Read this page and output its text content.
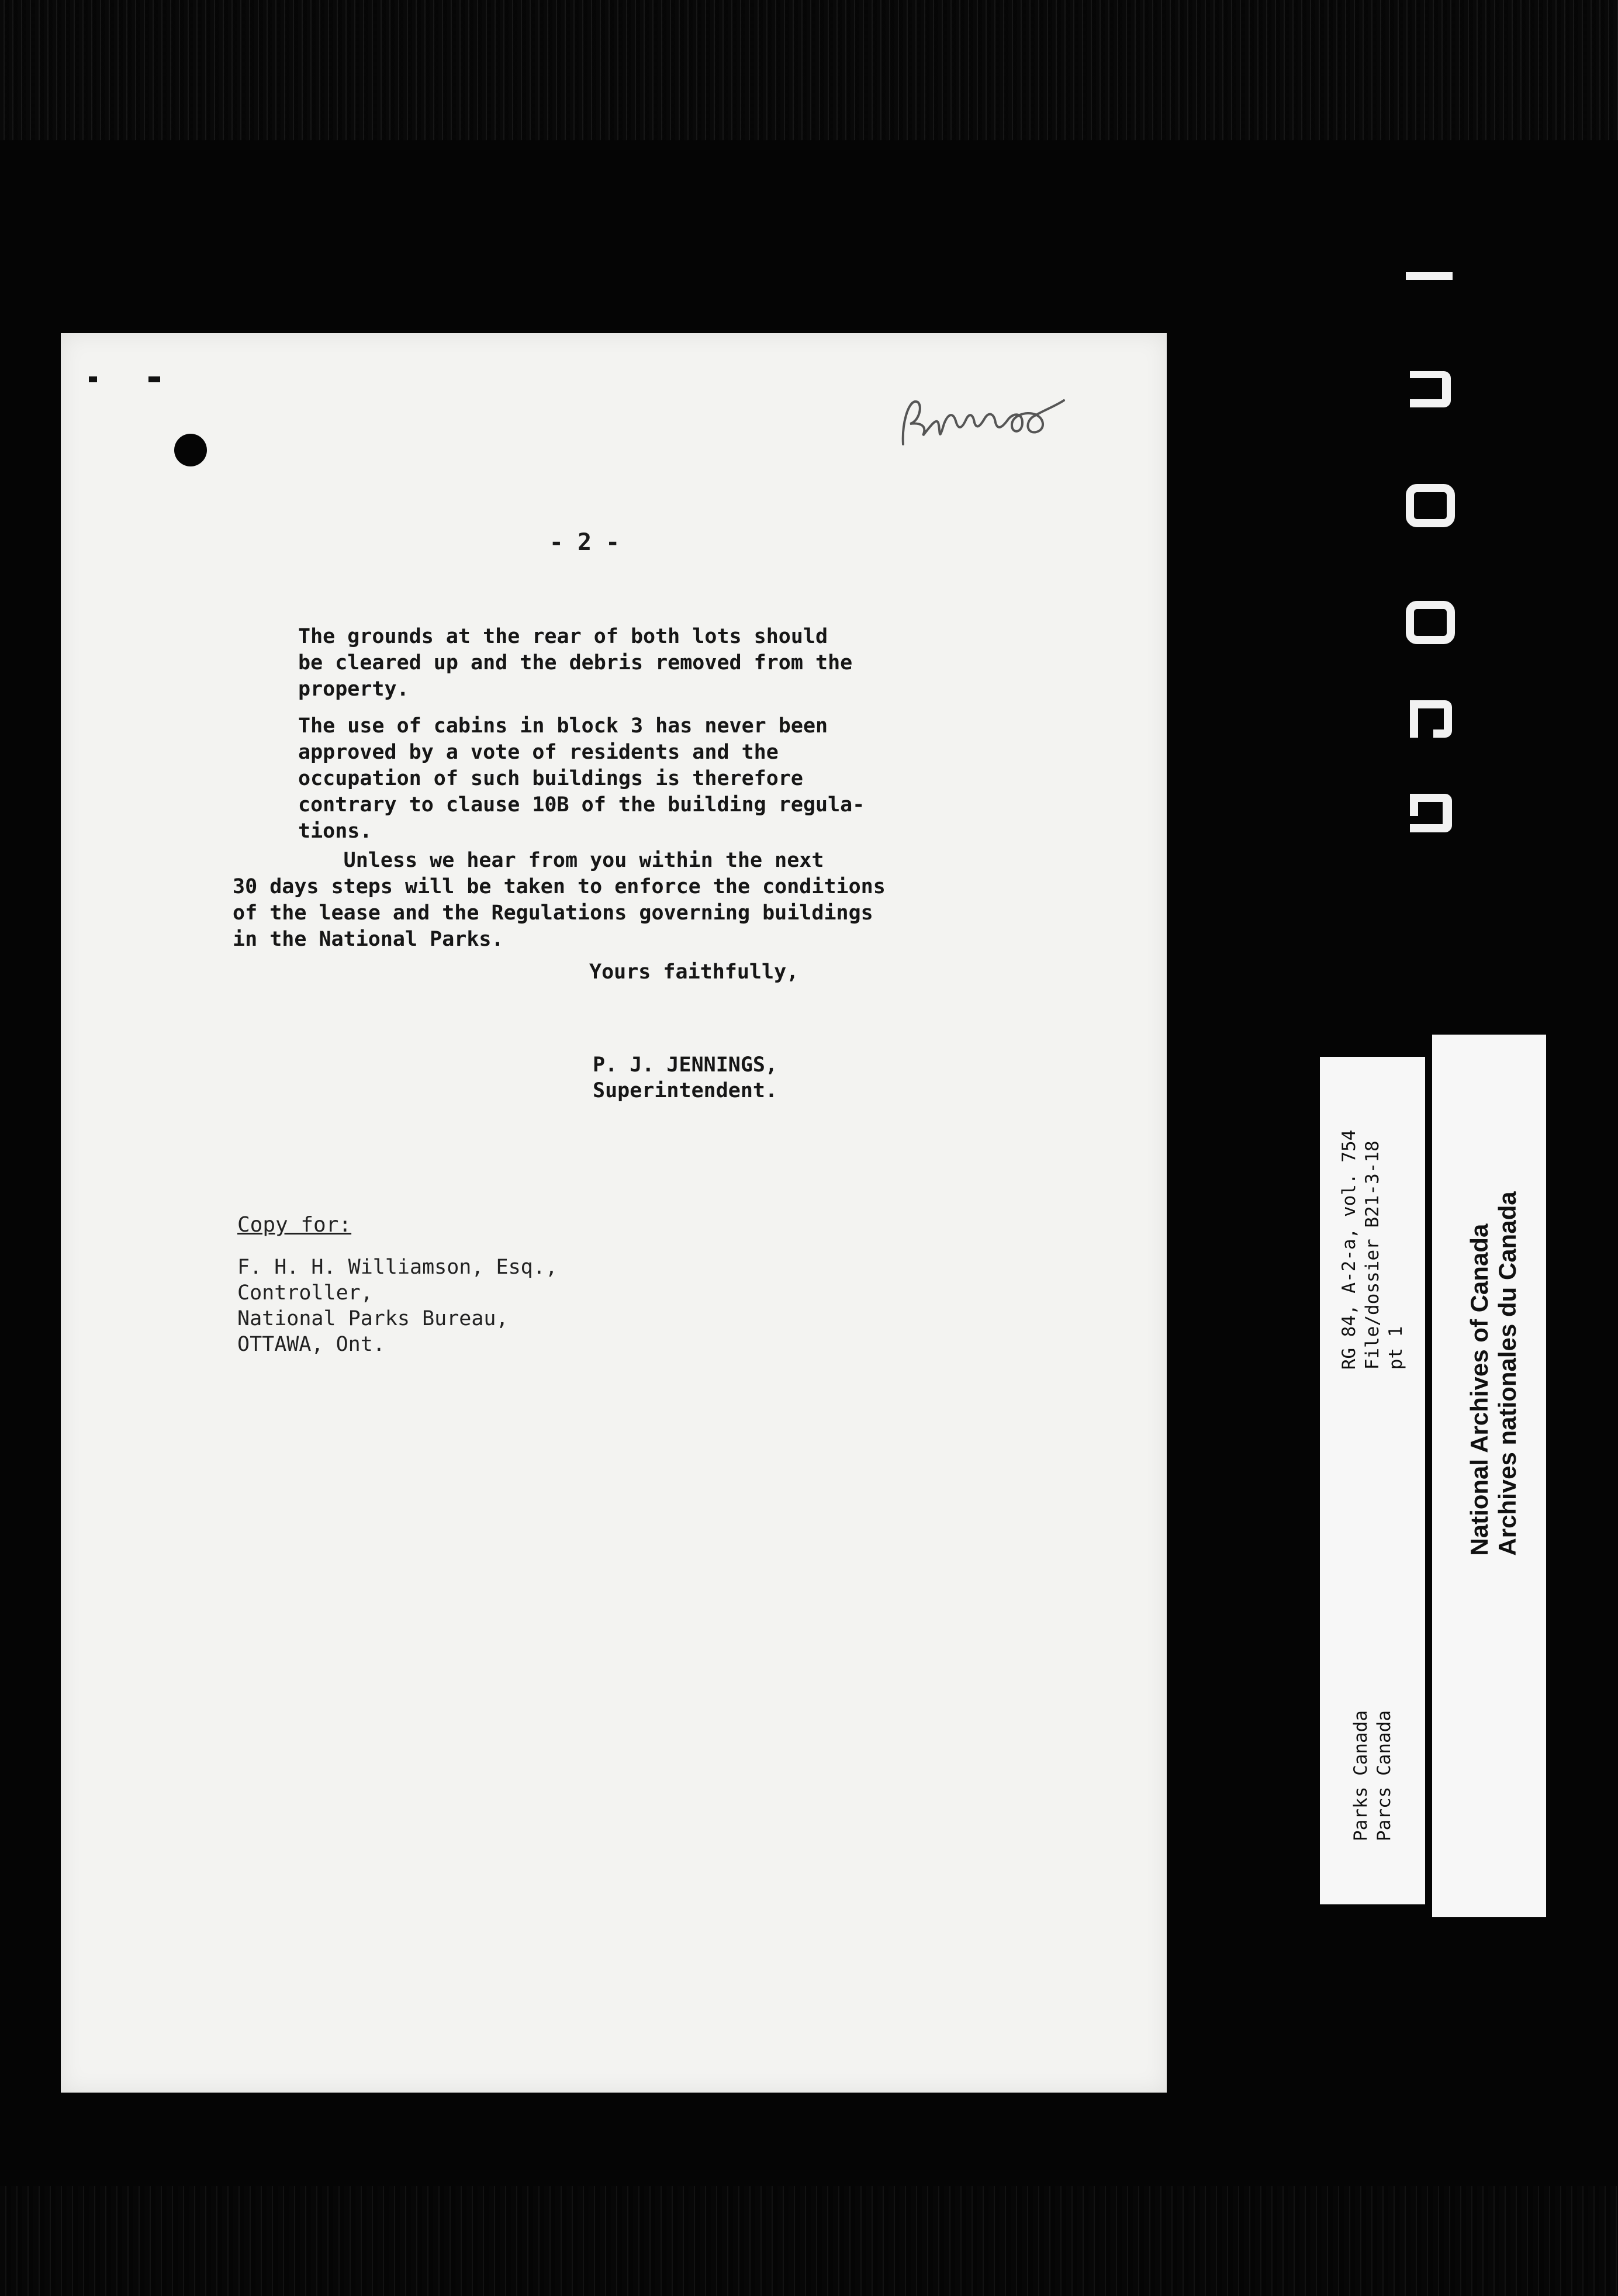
- 2 -

The grounds at the rear of both lots should
be cleared up and the debris removed from the
property.

The use of cabins in block 3 has never been
approved by a vote of residents and the
occupation of such buildings is therefore
contrary to clause 10B of the building regula-
tions.

Unless we hear from you within the next
30 days steps will be taken to enforce the conditions
of the lease and the Regulations governing buildings
in the National Parks.

Yours faithfully,

P. J. JENNINGS,
Superintendent.

Copy for:

F. H. H. Williamson, Esq.,
Controller,
National Parks Bureau,
OTTAWA, Ont.	RG 84, A-2-a, vol. 754 File/dossier B21-3-18 pt 1
Parks Canada Parcs Canada
National Archives of Canada Archives nationales du Canada
